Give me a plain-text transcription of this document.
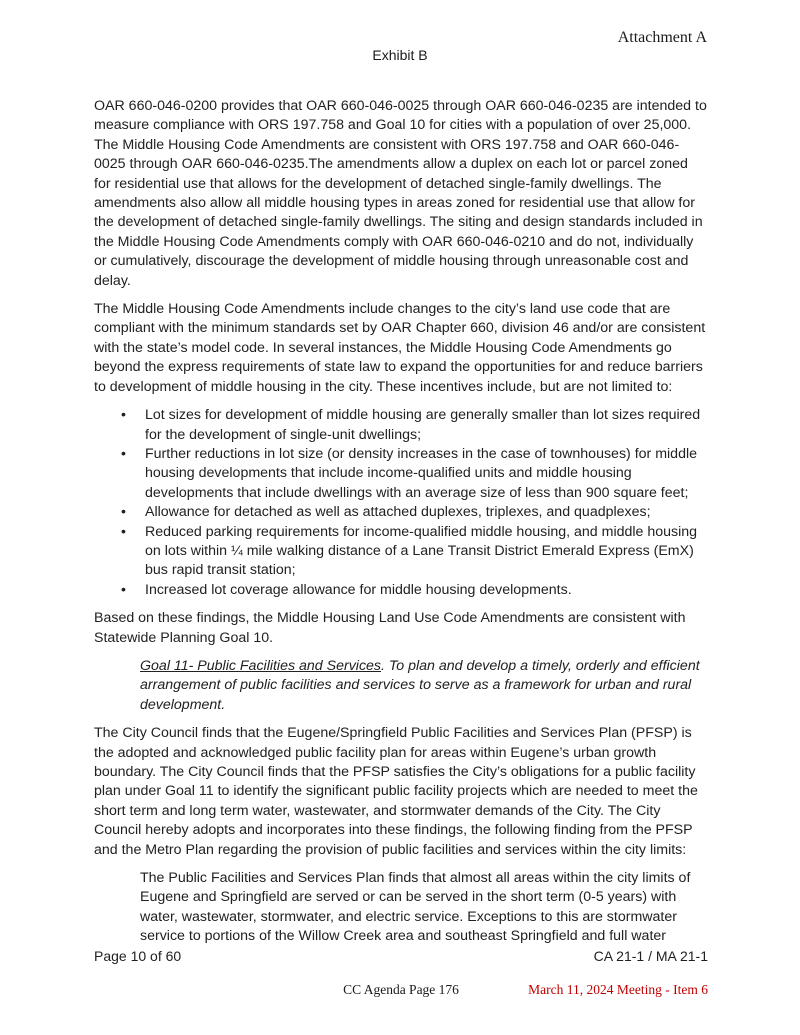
Attachment A
Exhibit B

OAR 660-046-0200 provides that OAR 660-046-0025 through OAR 660-046-0235 are intended to measure compliance with ORS 197.758 and Goal 10 for cities with a population of over 25,000. The Middle Housing Code Amendments are consistent with ORS 197.758 and OAR 660-046-0025 through OAR 660-046-0235.The amendments allow a duplex on each lot or parcel zoned for residential use that allows for the development of detached single-family dwellings. The amendments also allow all middle housing types in areas zoned for residential use that allow for the development of detached single-family dwellings. The siting and design standards included in the Middle Housing Code Amendments comply with OAR 660-046-0210 and do not, individually or cumulatively, discourage the development of middle housing through unreasonable cost and delay.

The Middle Housing Code Amendments include changes to the city’s land use code that are compliant with the minimum standards set by OAR Chapter 660, division 46 and/or are consistent with the state’s model code. In several instances, the Middle Housing Code Amendments go beyond the express requirements of state law to expand the opportunities for and reduce barriers to development of middle housing in the city. These incentives include, but are not limited to:

• Lot sizes for development of middle housing are generally smaller than lot sizes required for the development of single-unit dwellings;
• Further reductions in lot size (or density increases in the case of townhouses) for middle housing developments that include income-qualified units and middle housing developments that include dwellings with an average size of less than 900 square feet;
• Allowance for detached as well as attached duplexes, triplexes, and quadplexes;
• Reduced parking requirements for income-qualified middle housing, and middle housing on lots within ¼ mile walking distance of a Lane Transit District Emerald Express (EmX) bus rapid transit station;
• Increased lot coverage allowance for middle housing developments.

Based on these findings, the Middle Housing Land Use Code Amendments are consistent with Statewide Planning Goal 10.

Goal 11- Public Facilities and Services. To plan and develop a timely, orderly and efficient arrangement of public facilities and services to serve as a framework for urban and rural development.

The City Council finds that the Eugene/Springfield Public Facilities and Services Plan (PFSP) is the adopted and acknowledged public facility plan for areas within Eugene’s urban growth boundary. The City Council finds that the PFSP satisfies the City’s obligations for a public facility plan under Goal 11 to identify the significant public facility projects which are needed to meet the short term and long term water, wastewater, and stormwater demands of the City. The City Council hereby adopts and incorporates into these findings, the following finding from the PFSP and the Metro Plan regarding the provision of public facilities and services within the city limits:

The Public Facilities and Services Plan finds that almost all areas within the city limits of Eugene and Springfield are served or can be served in the short term (0-5 years) with water, wastewater, stormwater, and electric service. Exceptions to this are stormwater service to portions of the Willow Creek area and southeast Springfield and full water

Page 10 of 60	CA 21-1 / MA 21-1
CC Agenda Page 176	March 11, 2024 Meeting - Item 6
